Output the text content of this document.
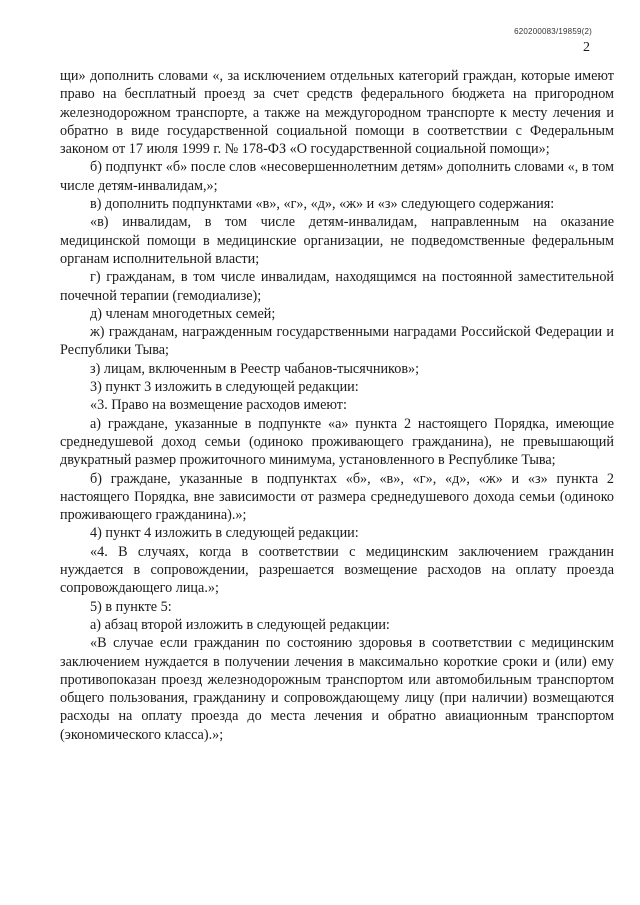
620200083/19859(2)
2

щи» дополнить словами «, за исключением отдельных категорий граждан, которые имеют право на бесплатный проезд за счет средств федерального бюджета на пригородном железнодорожном транспорте, а также на междугородном транспорте к месту лечения и обратно в виде государственной социальной помощи в соответствии с Федеральным законом от 17 июля 1999 г. № 178-ФЗ «О государственной социальной помощи»;

б) подпункт «б» после слов «несовершеннолетним детям» дополнить словами «, в том числе детям-инвалидам,»;

в) дополнить подпунктами «в», «г», «д», «ж» и «з» следующего содержания:

«в) инвалидам, в том числе детям-инвалидам, направленным на оказание медицинской помощи в медицинские организации, не подведомственные федеральным органам исполнительной власти;

г) гражданам, в том числе инвалидам, находящимся на постоянной заместительной почечной терапии (гемодиализе);

д) членам многодетных семей;

ж) гражданам, награжденным государственными наградами Российской Федерации и Республики Тыва;

з) лицам, включенным в Реестр чабанов-тысячников»;

3) пункт 3 изложить в следующей редакции:

«3. Право на возмещение расходов имеют:

а) граждане, указанные в подпункте «а» пункта 2 настоящего Порядка, имеющие среднедушевой доход семьи (одиноко проживающего гражданина), не превышающий двукратный размер прожиточного минимума, установленного в Республике Тыва;

б) граждане, указанные в подпунктах «б», «в», «г», «д», «ж» и «з» пункта 2 настоящего Порядка, вне зависимости от размера среднедушевого дохода семьи (одиноко проживающего гражданина).»;

4) пункт 4 изложить в следующей редакции:

«4. В случаях, когда в соответствии с медицинским заключением гражданин нуждается в сопровождении, разрешается возмещение расходов на оплату проезда сопровождающего лица.»;

5) в пункте 5:

а) абзац второй изложить в следующей редакции:

«В случае если гражданин по состоянию здоровья в соответствии с медицинским заключением нуждается в получении лечения в максимально короткие сроки и (или) ему противопоказан проезд железнодорожным транспортом или автомобильным транспортом общего пользования, гражданину и сопровождающему лицу (при наличии) возмещаются расходы на оплату проезда до места лечения и обратно авиационным транспортом (экономического класса).»;
